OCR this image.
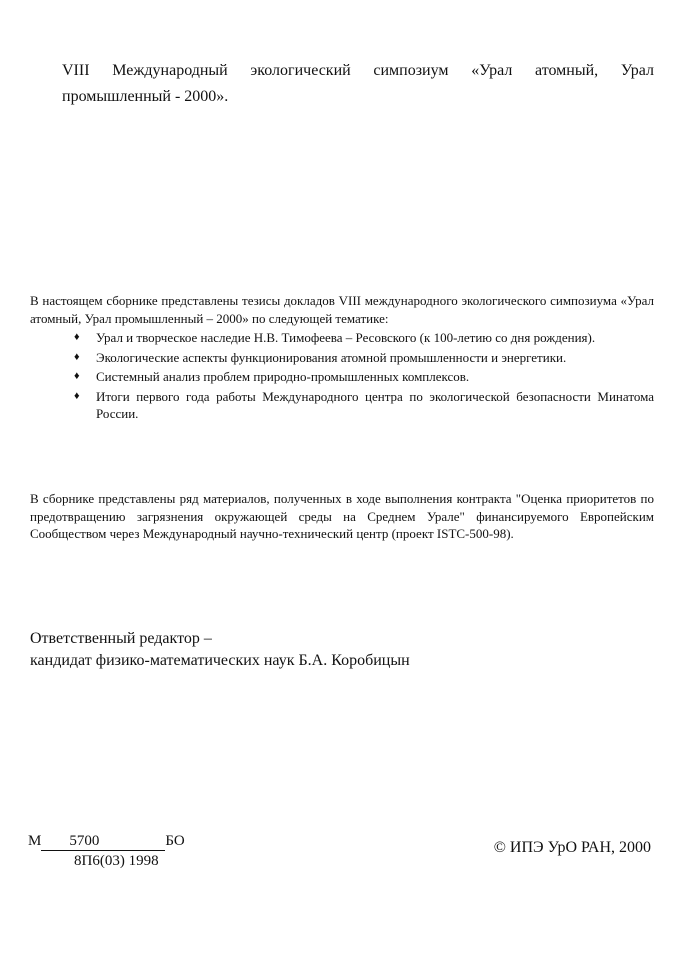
VIII Международный экологический симпозиум «Урал атомный, Урал промышленный - 2000».
В настоящем сборнике представлены тезисы докладов VIII международного экологического симпозиума «Урал атомный, Урал промышленный – 2000» по следующей тематике:
♦ Урал и творческое наследие Н.В. Тимофеева – Ресовского (к 100-летию со дня рождения).
♦ Экологические аспекты функционирования атомной промышленности и энергетики.
♦ Системный анализ проблем природно-промышленных комплексов.
♦ Итоги первого года работы Международного центра по экологической безопасности Минатома России.
В сборнике представлены ряд материалов, полученных в ходе выполнения контракта "Оценка приоритетов по предотвращению загрязнения окружающей среды на Среднем Урале" финансируемого Европейским Сообществом через Международный научно-технический центр (проект ISTC-500-98).
Ответственный редактор –
кандидат физико-математических наук Б.А. Коробицын
М 5700	БО
8П6(03) 1998
© ИПЭ УрО РАН, 2000
